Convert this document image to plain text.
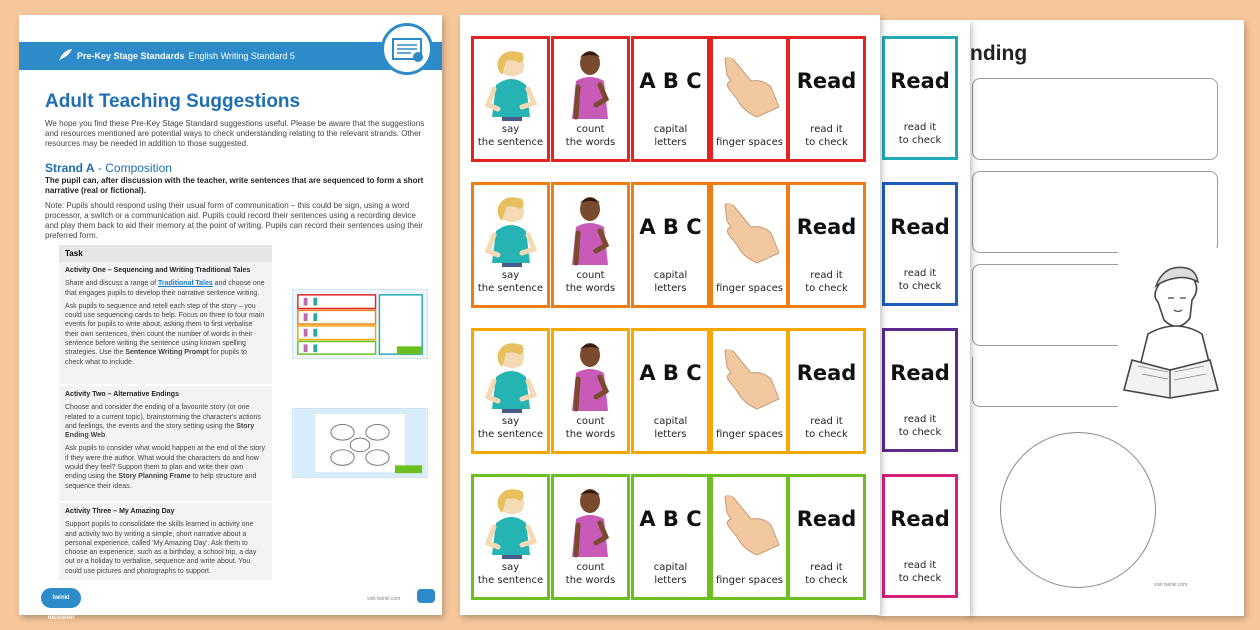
nding
visit twinkl.com
Read
read it
to check
Read
read it
to check
Read
read it
to check
Read
read it
to check
say
the sentence
count
the words
A B C
capital
letters	finger spaces
Read
read it
to check
say
the sentence
count
the words
A B C
capital
letters	finger spaces
Read
read it
to check
say
the sentence
count
the words
A B C
capital
letters	finger spaces
Read
read it
to check
say
the sentence
count
the words
A B C
capital
letters	finger spaces
Read
read it
to check
Pre-Key Stage Standards English Writing Standard 5
Adult Teaching Suggestions
We hope you find these Pre-Key Stage Standard suggestions useful. Please be aware that the suggestions and resources mentioned are potential ways to check understanding relating to the relevant strands. Other resources may be needed in addition to those suggested.
Strand A - Composition
The pupil can, after discussion with the teacher, write sentences that are sequenced to form a short narrative (real or fictional).
Note: Pupils should respond using their usual form of communication – this could be sign, using a word processor, a switch or a communication aid. Pupils could record their sentences using a recording device and play them back to aid their memory at the point of writing. Pupils can record their sentences using their preferred form.
Task
Activity One – Sequencing and Writing Traditional Tales
Share and discuss a range of Traditional Tales and choose one that engages pupils to develop their narrative sentence writing.
Ask pupils to sequence and retell each step of the story – you could use sequencing cards to help. Focus on three to four main events for pupils to write about, asking them to first verbalise their own sentences, then count the number of words in their sentence before writing the sentence using known spelling strategies. Use the Sentence Writing Prompt for pupils to check what to include.
Activity Two – Alternative Endings
Choose and consider the ending of a favourite story (or one related to a current topic), brainstorming the character's actions and feelings, the events and the story setting using the Story Ending Web.
Ask pupils to consider what would happen at the end of the story if they were the author. What would the characters do and how would they feel? Support them to plan and write their own ending using the Story Planning Frame to help structure and sequence their ideas.
Activity Three – My Amazing Day
Support pupils to consolidate the skills learned in activity one and activity two by writing a simple, short narrative about a personal experience, called 'My Amazing Day'. Ask them to choose an experience, such as a birthday, a school trip, a day out or a holiday to verbalise, sequence and write about. You could use pictures and photographs to support.
twinkl inclusion
visit twinkl.com
